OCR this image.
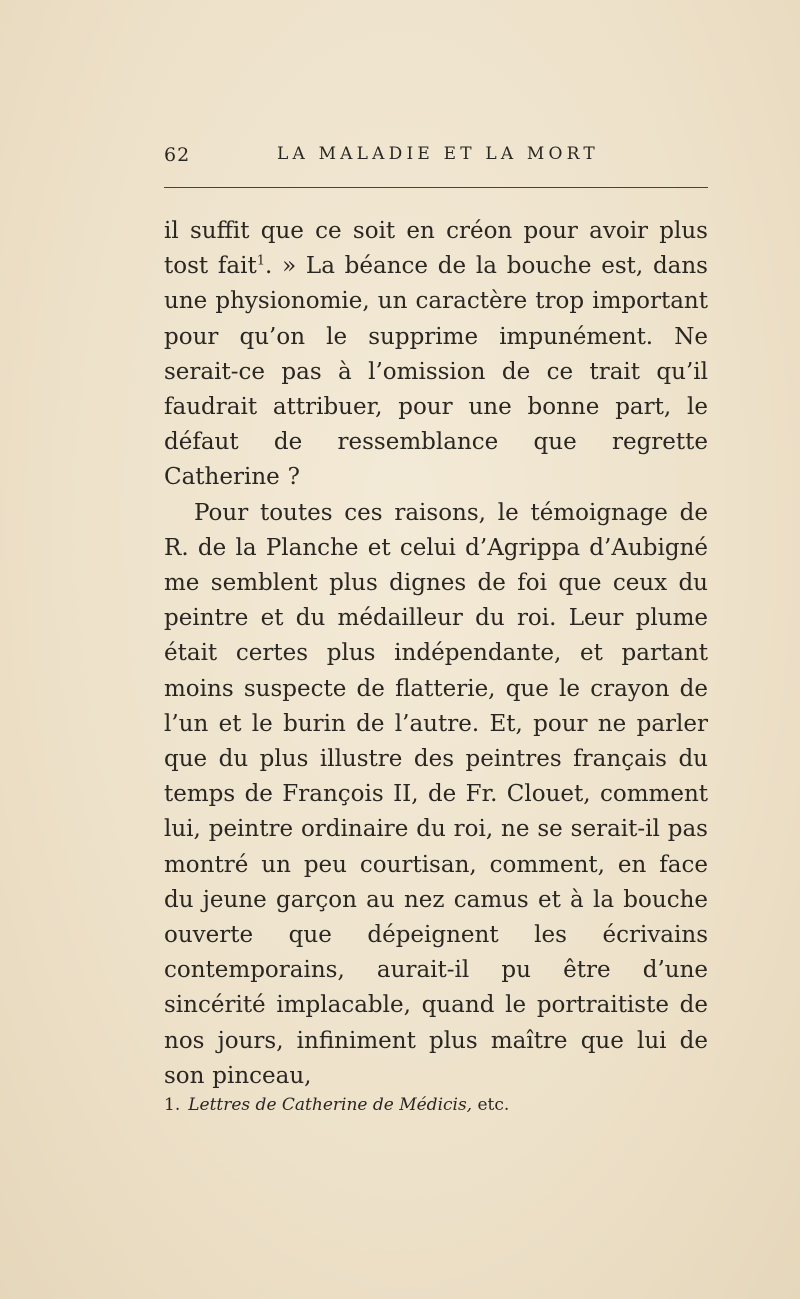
62	LA MALADIE ET LA MORT

il suffit que ce soit en créon pour avoir plus tost fait$^1$. » La béance de la bouche est, dans une physionomie, un caractère trop important pour qu’on le supprime impunément. Ne serait-ce pas à l’omission de ce trait qu’il faudrait attribuer, pour une bonne part, le défaut de ressemblance que regrette Catherine ?

Pour toutes ces raisons, le témoignage de R. de la Planche et celui d’Agrippa d’Aubigné me semblent plus dignes de foi que ceux du peintre et du médailleur du roi. Leur plume était certes plus indépendante, et partant moins suspecte de flatterie, que le crayon de l’un et le burin de l’autre. Et, pour ne parler que du plus illustre des peintres français du temps de François II, de Fr. Clouet, comment lui, peintre ordinaire du roi, ne se serait-il pas montré un peu courtisan, comment, en face du jeune garçon au nez camus et à la bouche ouverte que dépeignent les écrivains contemporains, aurait-il pu être d’une sincérité implacable, quand le portraitiste de nos jours, infiniment plus maître que lui de son pinceau,

1. Lettres de Catherine de Médicis, etc.
